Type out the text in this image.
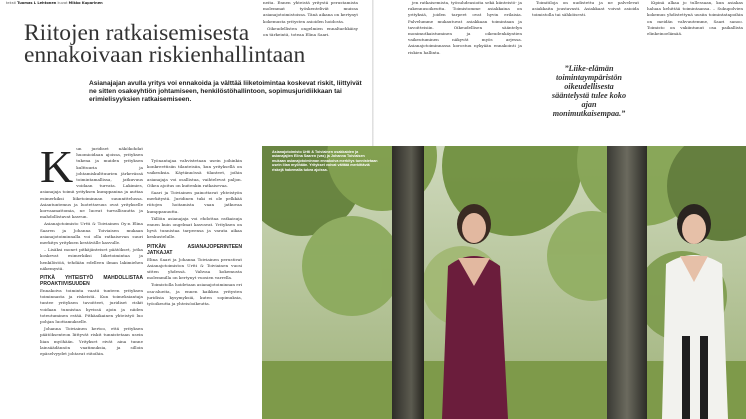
teksti Tuomas L Lehtonen kuvat Mikko Kuparinen
Riitojen ratkaisemisesta ennakoivaan riskienhallintaan
Asianajajan avulla yritys voi ennakoida ja välttää liiketoimintaa koskevat riskit, liittyivät ne sitten osakeyhtiön johtamiseen, henkilöstöhallintoon, sopimusjuridiikkaan tai erimielisyyksien ratkaisemiseen.
K un juridiset näkökohdat huomioidaan ajoissa, yrityksen tukena ja muiden yrityksen kulttuuria ja johtamiskulttuurien järkevässä toimintamallissa, jatkuvuus voidaan turvata. Lakimies, asianajaja toimii yrityksen kumppanina ja auttaa esimerkiksi liiketoiminnan suunnittelussa. Asiantuntemus ja luotettavuus ovat yritykselle korvaamattomia, ne luovat turvallisuutta ja mahdollistavat kasvun.

Asianajotoimisto Urtti & Toiviainen Oy:n Elina Saaren ja Johanna Toiviaisen mukaan asianajotoiminnalla voi olla ratkaisevan suuri merkitys yrityksen kestävälle kasvulle.

– Lisäksi monet pitkäjänteiset päätökset, jotka koskevat esimerkiksi liiketoimintaa ja henkilöstöä, tehdään edelleen ilman lakimiehen näkemystä.

PITKÄ YHTEISTYÖ MAHDOLLISTAA PROAKTIIVISUUDEN

Ennakoiva toiminta vaatii tunteen yrityksen toiminnasta ja riskeistä. Kun toimeksiantaja tuntee yrityksen tavoitteet, juridiset riskit voidaan tunnistaa hyvissä ajoin ja niiden toteutuminen estää. Pitkäaikainen yhteistyö luo pohjan luottamukselle.

Johanna Toiviainen kertoo, että yrityksen päätöksenteon liittyvät riskit tunnistetaan usein liian myöhään. Yritykset eivät aina tunne lainsäädännön vaatimuksia, ja silloin epäselvyydet johtavat riitoihin.

Työnantajaa vahvistetaan usein joihinkin konkreettisiin tilanteisiin, kun yrityksellä on vaikeuksia. Käytännössä tilanteet, joihin asianajaja voi osallistua, vaihtelevat paljon. Oikea ajoitus on kuitenkin ratkaisevaa.

Saari ja Toiviainen painottavat yhteistyön merkitystä. Juridinen tuki ei ole pelkkää riitojen hoitamista vaan jatkuvaa kumppanuutta.

Tällöin asianajaja voi ehdottaa ratkaisuja ennen kuin ongelmat kasvavat. Yrityksen on hyvä tunnistaa tarpeensa ja varata aikaa keskustelulle.

PITKÄN ASIANAJOPERINTEEN JATKAJAT

Elina Saari ja Johanna Toiviainen perustivat Asianajotoimiston Urtti & Toiviainen vuosi sitten yhdessä. Vahvaa kokemusta molemmilla on kertynyt vuosien varrella.

Toimistolla hoidetaan asianajotoiminnan eri osa-alueita, ja ennen kaikkea yritysten juridisia kysymyksiä, kuten sopimuksia, työoikeutta ja yhteisöoikeutta.

neita. Ennen yhteistä yritystä perustamista molemmat työskentelivät muissa asianajotoimistoissa. Tänä aikana on kertynyt kokemusta yritysten asioiden hoidosta.

Oikeudellisten ongelmien ennaltaehkäisy on tärkeintä, toteaa Elina Saari.

jen ratkaisemista, työsuhdeasioita sekä kiinteistö- ja rakennusoikeutta. Toimistomme asiakkaina on yrityksiä, joiden tarpeet ovat hyvin erilaisia. Palvelumme mukautuvat asiakkaan toimintaan ja tavoitteisiin. Oikeudellisen sääntelyn monimutkaistuminen ja oikeudenkäyntien vaikeutuminen näkyvät myös arjessa. Asianajotoiminnassa korostuu nykyään ennakointi ja riskien hallinta.

Toimitiloja on uudistettu ja ne palvelevat asiakkaita joustavasti. Asiakkaat voivat asioida toimistolla tai sähköisesti.

Kipinä alkaa jo tullessaan, kun asiakas haluaa kehittää toimintaansa. – Sukupolvien kokemus yhdistettynä uusiin toimintatapoihin on meidän vahvuutemme, Saari sanoo. Toimisto on vakiintunut osa paikallista elinkeinoelämää.

”Liike-elämän toimintaympäristön oikeudellisesta sääntelystä tulee koko ajan monimutkaisempaa.”
Asianajotoimisto Urtti & Toiviainen osakkaiden ja asianajajien Elina Saaren (vas) ja Johanna Toiviaisen mukaan asianajotoiminnan ennakoiva merkitys tunnistetaan usein liian myöhään. Yritykset voivat välttää merkittäviä riskejä hakemalla tukea ajoissa.
